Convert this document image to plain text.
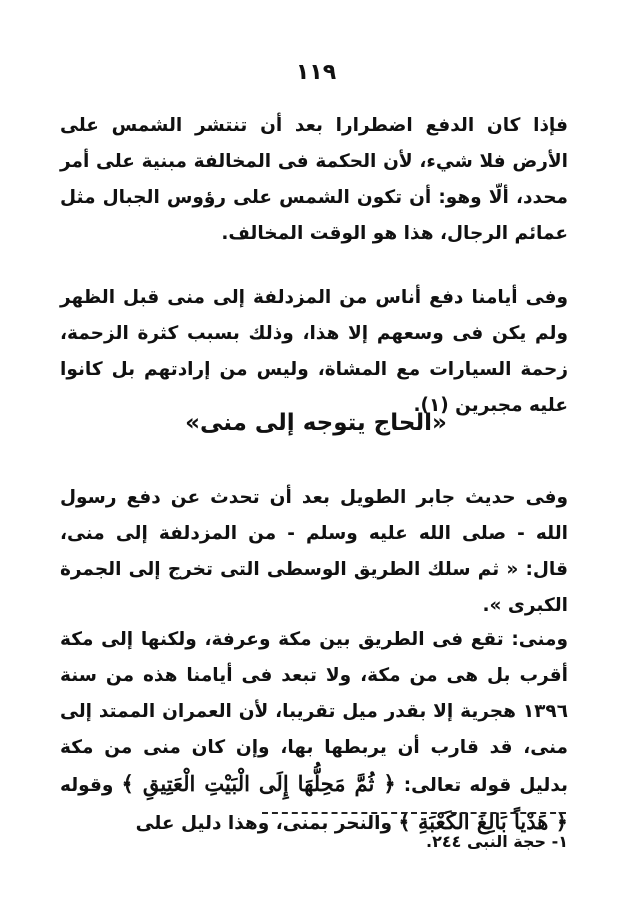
١١٩
فإذا كان الدفع اضطرارا بعد أن تنتشر الشمس على الأرض فلا شيء، لأن الحكمة فى المخالفة مبنية على أمر محدد، ألّا وهو: أن تكون الشمس على رؤوس الجبال مثل عمائم الرجال، هذا هو الوقت المخالف.
وفى أيامنا دفع أناس من المزدلفة إلى منى قبل الظهر ولم يكن فى وسعهم إلا هذا، وذلك بسبب كثرة الزحمة، زحمة السيارات مع المشاة، وليس من إرادتهم بل كانوا عليه مجبرين (١).
«الحاج يتوجه إلى منى»
وفى حديث جابر الطويل بعد أن تحدث عن دفع رسول الله - صلى الله عليه وسلم - من المزدلفة إلى منى، قال: « ثم سلك الطريق الوسطى التى تخرج إلى الجمرة الكبرى ».
ومنى: تقع فى الطريق بين مكة وعرفة، ولكنها إلى مكة أقرب بل هى من مكة، ولا تبعد فى أيامنا هذه من سنة ١٣٩٦ هجرية إلا بقدر ميل تقريبا، لأن العمران الممتد إلى منى، قد قارب أن يربطها بها، وإن كان منى من مكة بدليل قوله تعالى: ﴿ ثُمَّ مَحِلُّهَا إِلَى الْبَيْتِ الْعَتِيقِ ﴾ وقوله ﴿ هَدْياً بَالِغَ الكَعْبَةِ ﴾ والنحر بمنى، وهذا دليل على
١- حجة النبى ٢٤٤.
